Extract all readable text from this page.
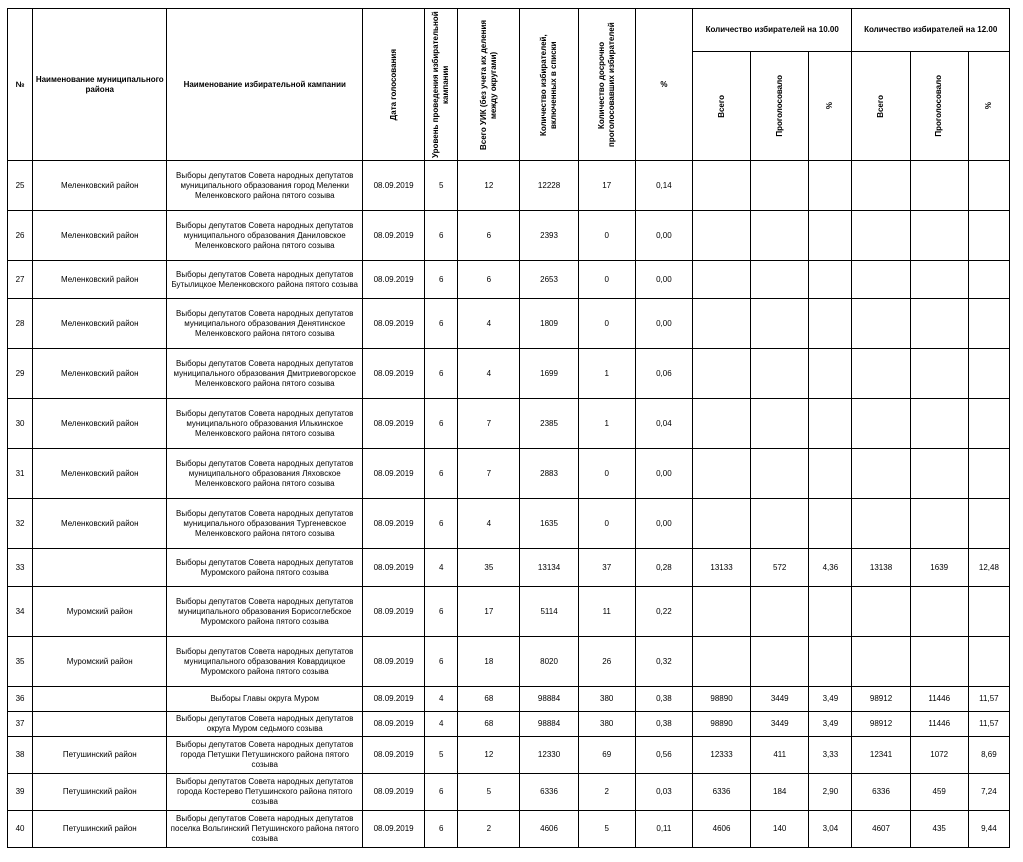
№	Наименование муниципального района	Наименование избирательной кампании	Дата голосования	Уровень проведения избирательной кампании	Всего УИК (без учета их деления между округами)	Количество избирателей, включенных в списки	Количество досрочно проголосовавших избирателей	%	Количество избирателей на 10.00			Количество избирателей на 12.00		

									Всего	Проголосовало	%	Всего	Проголосовало	%

25	Меленковский район	Выборы депутатов Совета народных депутатов муниципального образования город Меленки Меленковского района пятого созыва	08.09.2019	5	12	12228	17	0,14						
26	Меленковский район	Выборы депутатов Совета народных депутатов муниципального образования Даниловское Меленковского района пятого созыва	08.09.2019	6	6	2393	0	0,00						
27	Меленковский район	Выборы депутатов Совета народных депутатов Бутылицкое Меленковского района пятого созыва	08.09.2019	6	6	2653	0	0,00						
28	Меленковский район	Выборы депутатов Совета народных депутатов муниципального образования Денятинское Меленковского района пятого созыва	08.09.2019	6	4	1809	0	0,00						
29	Меленковский район	Выборы депутатов Совета народных депутатов муниципального образования Дмитриевогорское Меленковского района пятого созыва	08.09.2019	6	4	1699	1	0,06						
30	Меленковский район	Выборы депутатов Совета народных депутатов муниципального образования Илькинское Меленковского района пятого созыва	08.09.2019	6	7	2385	1	0,04						
31	Меленковский район	Выборы депутатов Совета народных депутатов муниципального образования Ляховское Меленковского района пятого созыва	08.09.2019	6	7	2883	0	0,00						
32	Меленковский район	Выборы депутатов Совета народных депутатов муниципального образования Тургеневское Меленковского района пятого созыва	08.09.2019	6	4	1635	0	0,00						
33		Выборы депутатов Совета народных депутатов Муромского района пятого созыва	08.09.2019	4	35	13134	37	0,28	13133	572	4,36	13138	1639	12,48
34	Муромский район	Выборы депутатов Совета народных депутатов муниципального образования Борисоглебское Муромского района пятого созыва	08.09.2019	6	17	5114	11	0,22						
35	Муромский район	Выборы депутатов Совета народных депутатов муниципального образования Ковардицкое Муромского района пятого созыва	08.09.2019	6	18	8020	26	0,32						
36		Выборы Главы округа Муром	08.09.2019	4	68	98884	380	0,38	98890	3449	3,49	98912	11446	11,57
37		Выборы депутатов Совета народных депутатов округа Муром седьмого созыва	08.09.2019	4	68	98884	380	0,38	98890	3449	3,49	98912	11446	11,57
38	Петушинский район	Выборы депутатов Совета народных депутатов города Петушки Петушинского района пятого созыва	08.09.2019	5	12	12330	69	0,56	12333	411	3,33	12341	1072	8,69
39	Петушинский район	Выборы депутатов Совета народных депутатов города Костерево Петушинского района пятого созыва	08.09.2019	6	5	6336	2	0,03	6336	184	2,90	6336	459	7,24
40	Петушинский район	Выборы депутатов Совета народных депутатов поселка Вольгинский Петушинского района пятого созыва	08.09.2019	6	2	4606	5	0,11	4606	140	3,04	4607	435	9,44
